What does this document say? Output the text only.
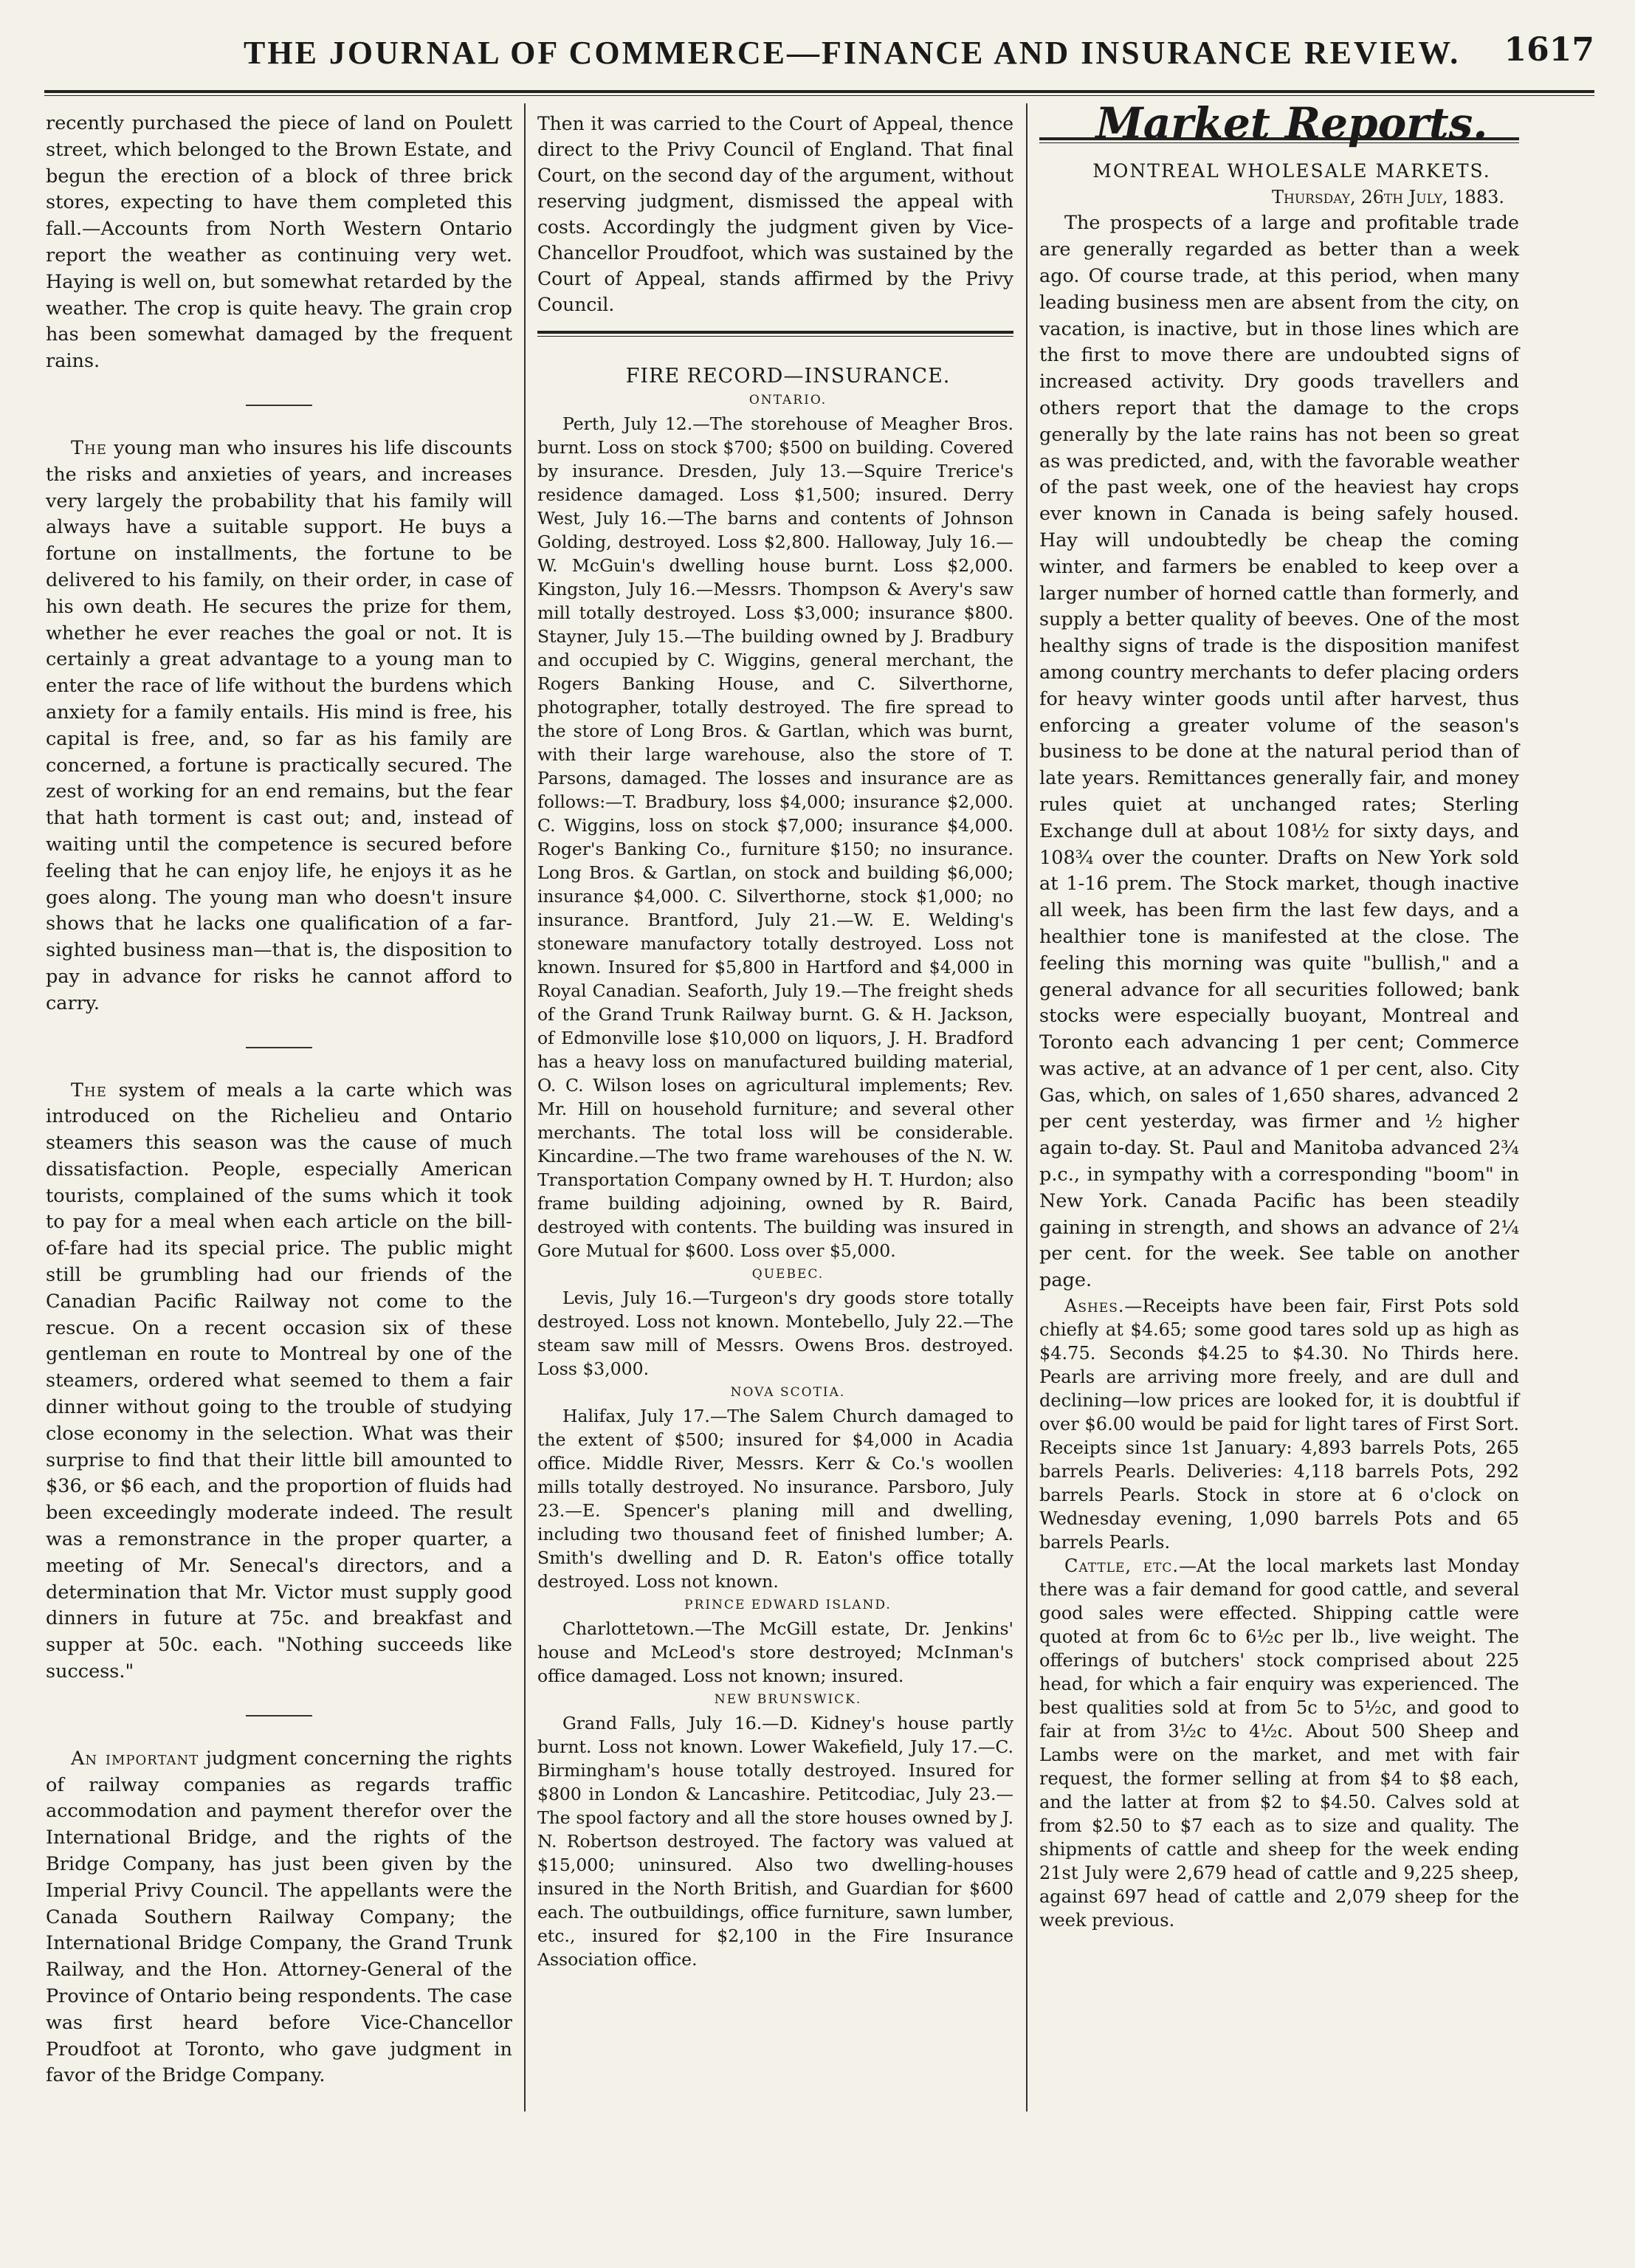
THE JOURNAL OF COMMERCE—FINANCE AND INSURANCE REVIEW. 1617

recently purchased the piece of land on Poulett street, which belonged to the Brown Estate, and begun the erection of a block of three brick stores, expecting to have them completed this fall.—Accounts from North Western Ontario report the weather as continuing very wet. Haying is well on, but somewhat retarded by the weather. The crop is quite heavy. The grain crop has been somewhat damaged by the frequent rains.

The young man who insures his life discounts the risks and anxieties of years, and increases very largely the probability that his family will always have a suitable support. He buys a fortune on installments, the fortune to be delivered to his family, on their order, in case of his own death. He secures the prize for them, whether he ever reaches the goal or not. It is certainly a great advantage to a young man to enter the race of life without the burdens which anxiety for a family entails. His mind is free, his capital is free, and, so far as his family are concerned, a fortune is practically secured. The zest of working for an end remains, but the fear that hath torment is cast out; and, instead of waiting until the competence is secured before feeling that he can enjoy life, he enjoys it as he goes along. The young man who doesn't insure shows that he lacks one qualification of a far-sighted business man—that is, the disposition to pay in advance for risks he cannot afford to carry.

The system of meals a la carte which was introduced on the Richelieu and Ontario steamers this season was the cause of much dissatisfaction. People, especially American tourists, complained of the sums which it took to pay for a meal when each article on the bill-of-fare had its special price. The public might still be grumbling had our friends of the Canadian Pacific Railway not come to the rescue. On a recent occasion six of these gentleman en route to Montreal by one of the steamers, ordered what seemed to them a fair dinner without going to the trouble of studying close economy in the selection. What was their surprise to find that their little bill amounted to $36, or $6 each, and the proportion of fluids had been exceedingly moderate indeed. The result was a remonstrance in the proper quarter, a meeting of Mr. Senecal's directors, and a determination that Mr. Victor must supply good dinners in future at 75c. and breakfast and supper at 50c. each. "Nothing succeeds like success."

An important judgment concerning the rights of railway companies as regards traffic accommodation and payment therefor over the International Bridge, and the rights of the Bridge Company, has just been given by the Imperial Privy Council. The appellants were the Canada Southern Railway Company; the International Bridge Company, the Grand Trunk Railway, and the Hon. Attorney-General of the Province of Ontario being respondents. The case was first heard before Vice-Chancellor Proudfoot at Toronto, who gave judgment in favor of the Bridge Company.

Then it was carried to the Court of Appeal, thence direct to the Privy Council of England. That final Court, on the second day of the argument, without reserving judgment, dismissed the appeal with costs. Accordingly the judgment given by Vice-Chancellor Proudfoot, which was sustained by the Court of Appeal, stands affirmed by the Privy Council.

FIRE RECORD—INSURANCE.

ONTARIO.

Perth, July 12.—The storehouse of Meagher Bros. burnt. Loss on stock $700; $500 on building. Covered by insurance. Dresden, July 13.—Squire Trerice's residence damaged. Loss $1,500; insured. Derry West, July 16.—The barns and contents of Johnson Golding, destroyed. Loss $2,800. Halloway, July 16.—W. McGuin's dwelling house burnt. Loss $2,000. Kingston, July 16.—Messrs. Thompson & Avery's saw mill totally destroyed. Loss $3,000; insurance $800. Stayner, July 15.—The building owned by J. Bradbury and occupied by C. Wiggins, general merchant, the Rogers Banking House, and C. Silverthorne, photographer, totally destroyed. The fire spread to the store of Long Bros. & Gartlan, which was burnt, with their large warehouse, also the store of T. Parsons, damaged. The losses and insurance are as follows:—T. Bradbury, loss $4,000; insurance $2,000. C. Wiggins, loss on stock $7,000; insurance $4,000. Roger's Banking Co., furniture $150; no insurance. Long Bros. & Gartlan, on stock and building $6,000; insurance $4,000. C. Silverthorne, stock $1,000; no insurance. Brantford, July 21.—W. E. Welding's stoneware manufactory totally destroyed. Loss not known. Insured for $5,800 in Hartford and $4,000 in Royal Canadian. Seaforth, July 19.—The freight sheds of the Grand Trunk Railway burnt. G. & H. Jackson, of Edmonville lose $10,000 on liquors, J. H. Bradford has a heavy loss on manufactured building material, O. C. Wilson loses on agricultural implements; Rev. Mr. Hill on household furniture; and several other merchants. The total loss will be considerable. Kincardine.—The two frame warehouses of the N. W. Transportation Company owned by H. T. Hurdon; also frame building adjoining, owned by R. Baird, destroyed with contents. The building was insured in Gore Mutual for $600. Loss over $5,000.

QUEBEC.

Levis, July 16.—Turgeon's dry goods store totally destroyed. Loss not known. Montebello, July 22.—The steam saw mill of Messrs. Owens Bros. destroyed. Loss $3,000.

NOVA SCOTIA.

Halifax, July 17.—The Salem Church damaged to the extent of $500; insured for $4,000 in Acadia office. Middle River, Messrs. Kerr & Co.'s woollen mills totally destroyed. No insurance. Parsboro, July 23.—E. Spencer's planing mill and dwelling, including two thousand feet of finished lumber; A. Smith's dwelling and D. R. Eaton's office totally destroyed. Loss not known.

PRINCE EDWARD ISLAND.

Charlottetown.—The McGill estate, Dr. Jenkins' house and McLeod's store destroyed; McInman's office damaged. Loss not known; insured.

NEW BRUNSWICK.

Grand Falls, July 16.—D. Kidney's house partly burnt. Loss not known. Lower Wakefield, July 17.—C. Birmingham's house totally destroyed. Insured for $800 in London & Lancashire. Petitcodiac, July 23.—The spool factory and all the store houses owned by J. N. Robertson destroyed. The factory was valued at $15,000; uninsured. Also two dwelling-houses insured in the North British, and Guardian for $600 each. The outbuildings, office furniture, sawn lumber, etc., insured for $2,100 in the Fire Insurance Association office.

Market Reports.

MONTREAL WHOLESALE MARKETS.

Thursday, 26th July, 1883.

The prospects of a large and profitable trade are generally regarded as better than a week ago. Of course trade, at this period, when many leading business men are absent from the city, on vacation, is inactive, but in those lines which are the first to move there are undoubted signs of increased activity. Dry goods travellers and others report that the damage to the crops generally by the late rains has not been so great as was predicted, and, with the favorable weather of the past week, one of the heaviest hay crops ever known in Canada is being safely housed. Hay will undoubtedly be cheap the coming winter, and farmers be enabled to keep over a larger number of horned cattle than formerly, and supply a better quality of beeves. One of the most healthy signs of trade is the disposition manifest among country merchants to defer placing orders for heavy winter goods until after harvest, thus enforcing a greater volume of the season's business to be done at the natural period than of late years. Remittances generally fair, and money rules quiet at unchanged rates; Sterling Exchange dull at about 108½ for sixty days, and 108¾ over the counter. Drafts on New York sold at 1-16 prem. The Stock market, though inactive all week, has been firm the last few days, and a healthier tone is manifested at the close. The feeling this morning was quite "bullish," and a general advance for all securities followed; bank stocks were especially buoyant, Montreal and Toronto each advancing 1 per cent; Commerce was active, at an advance of 1 per cent, also. City Gas, which, on sales of 1,650 shares, advanced 2 per cent yesterday, was firmer and ½ higher again to-day. St. Paul and Manitoba advanced 2¾ p.c., in sympathy with a corresponding "boom" in New York. Canada Pacific has been steadily gaining in strength, and shows an advance of 2¼ per cent. for the week. See table on another page.

Ashes.—Receipts have been fair, First Pots sold chiefly at $4.65; some good tares sold up as high as $4.75. Seconds $4.25 to $4.30. No Thirds here. Pearls are arriving more freely, and are dull and declining—low prices are looked for, it is doubtful if over $6.00 would be paid for light tares of First Sort. Receipts since 1st January: 4,893 barrels Pots, 265 barrels Pearls. Deliveries: 4,118 barrels Pots, 292 barrels Pearls. Stock in store at 6 o'clock on Wednesday evening, 1,090 barrels Pots and 65 barrels Pearls.

Cattle, etc.—At the local markets last Monday there was a fair demand for good cattle, and several good sales were effected. Shipping cattle were quoted at from 6c to 6½c per lb., live weight. The offerings of butchers' stock comprised about 225 head, for which a fair enquiry was experienced. The best qualities sold at from 5c to 5½c, and good to fair at from 3½c to 4½c. About 500 Sheep and Lambs were on the market, and met with fair request, the former selling at from $4 to $8 each, and the latter at from $2 to $4.50. Calves sold at from $2.50 to $7 each as to size and quality. The shipments of cattle and sheep for the week ending 21st July were 2,679 head of cattle and 9,225 sheep, against 697 head of cattle and 2,079 sheep for the week previous.
